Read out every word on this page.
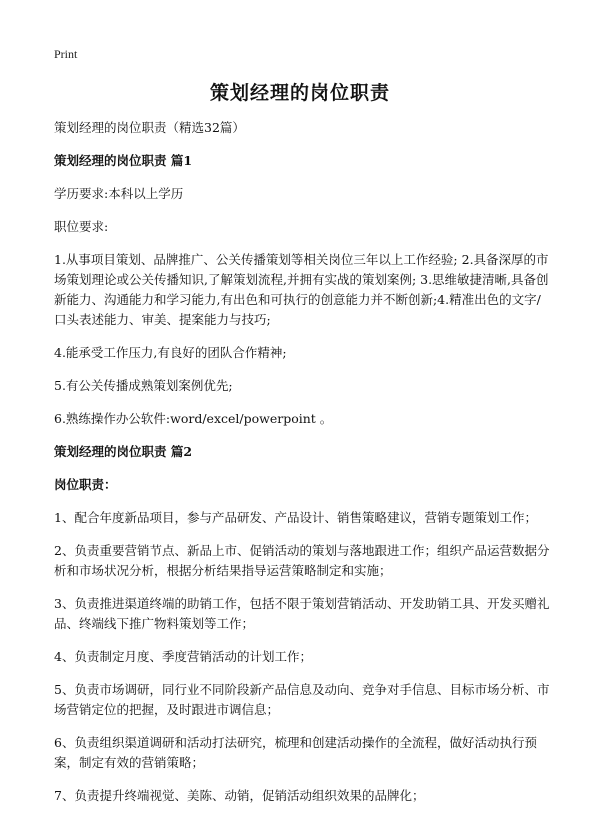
Print
策划经理的岗位职责

策划经理的岗位职责（精选32篇）

策划经理的岗位职责 篇1

学历要求:本科以上学历

职位要求:

1.从事项目策划、品牌推广、公关传播策划等相关岗位三年以上工作经验; 2.具备深厚的市场策划理论或公关传播知识,了解策划流程,并拥有实战的策划案例; 3.思维敏捷清晰,具备创新能力、沟通能力和学习能力,有出色和可执行的创意能力并不断创新;4.精准出色的文字/口头表述能力、审美、提案能力与技巧;

4.能承受工作压力,有良好的团队合作精神;

5.有公关传播成熟策划案例优先;

6.熟练操作办公软件:word/excel/powerpoint 。

策划经理的岗位职责 篇2

岗位职责：

1、配合年度新品项目，参与产品研发、产品设计、销售策略建议，营销专题策划工作；

2、负责重要营销节点、新品上市、促销活动的策划与落地跟进工作；组织产品运营数据分析和市场状况分析，根据分析结果指导运营策略制定和实施；

3、负责推进渠道终端的助销工作，包括不限于策划营销活动、开发助销工具、开发买赠礼品、终端线下推广物料策划等工作；

4、负责制定月度、季度营销活动的计划工作；

5、负责市场调研，同行业不同阶段新产品信息及动向、竞争对手信息、目标市场分析、市场营销定位的把握，及时跟进市调信息；

6、负责组织渠道调研和活动打法研究，梳理和创建活动操作的全流程，做好活动执行预案，制定有效的营销策略；

7、负责提升终端视觉、美陈、动销，促销活动组织效果的品牌化；
